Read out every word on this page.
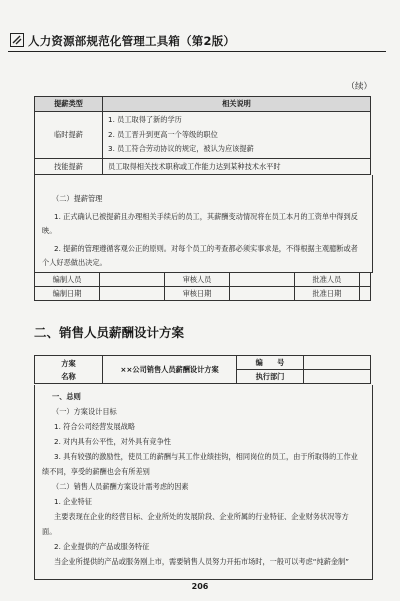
人力资源部规范化管理工具箱（第2版）
（续）
提薪类型	相关说明
临时提薪	1. 员工取得了新的学历
2. 员工晋升到更高一个等级的职位
3. 员工符合劳动协议的规定，被认为应该提薪

技能提薪	员工取得相关技术职称或工作能力达到某种技术水平时
（二）提薪管理
1. 正式确认已被提薪且办理相关手续后的员工，其薪酬变动情况将在员工本月的工资单中得到反映。
2. 提薪的管理遵循客观公正的原则。对每个员工的考查都必须实事求是，不得根据主观臆断或者个人好恶做出决定。
编制人员		审核人员		批准人员	
编制日期		审核日期		批准日期	
二、销售人员薪酬设计方案
方案
名称	××公司销售人员薪酬设计方案	编　　号	
		执行部门	
一、总则
（一）方案设计目标
1. 符合公司经营发展战略
2. 对内具有公平性，对外具有竞争性
3. 具有较强的激励性，使员工的薪酬与其工作业绩挂钩，相同岗位的员工，由于所取得的工作业绩不同，享受的薪酬也会有所差别
（二）销售人员薪酬方案设计需考虑的因素
1. 企业特征
主要表现在企业的经营目标、企业所处的发展阶段、企业所属的行业特征、企业财务状况等方面。
2. 企业提供的产品或服务特征
当企业所提供的产品或服务刚上市，需要销售人员努力开拓市场时，一般可以考虑“纯薪金制”
206
